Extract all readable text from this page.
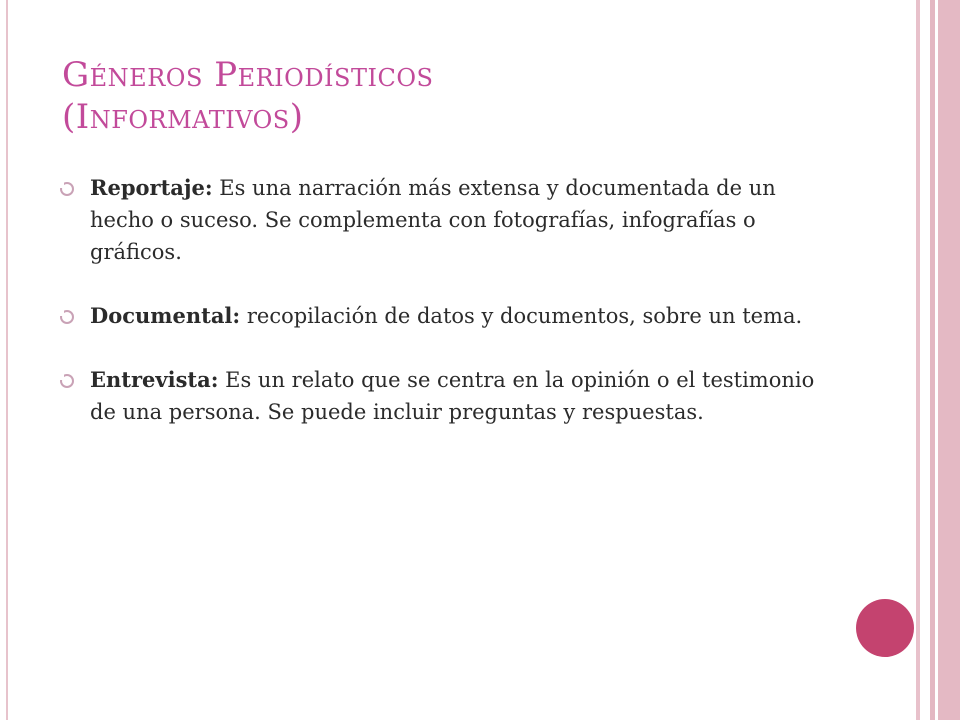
Géneros Periodísticos
(Informativos)
Reportaje: Es una narración más extensa y documentada de un hecho o suceso. Se complementa con fotografías, infografías o gráficos.
Documental: recopilación de datos y documentos, sobre un tema.
Entrevista: Es un relato que se centra en la opinión o el testimonio de una persona. Se puede incluir preguntas y respuestas.
